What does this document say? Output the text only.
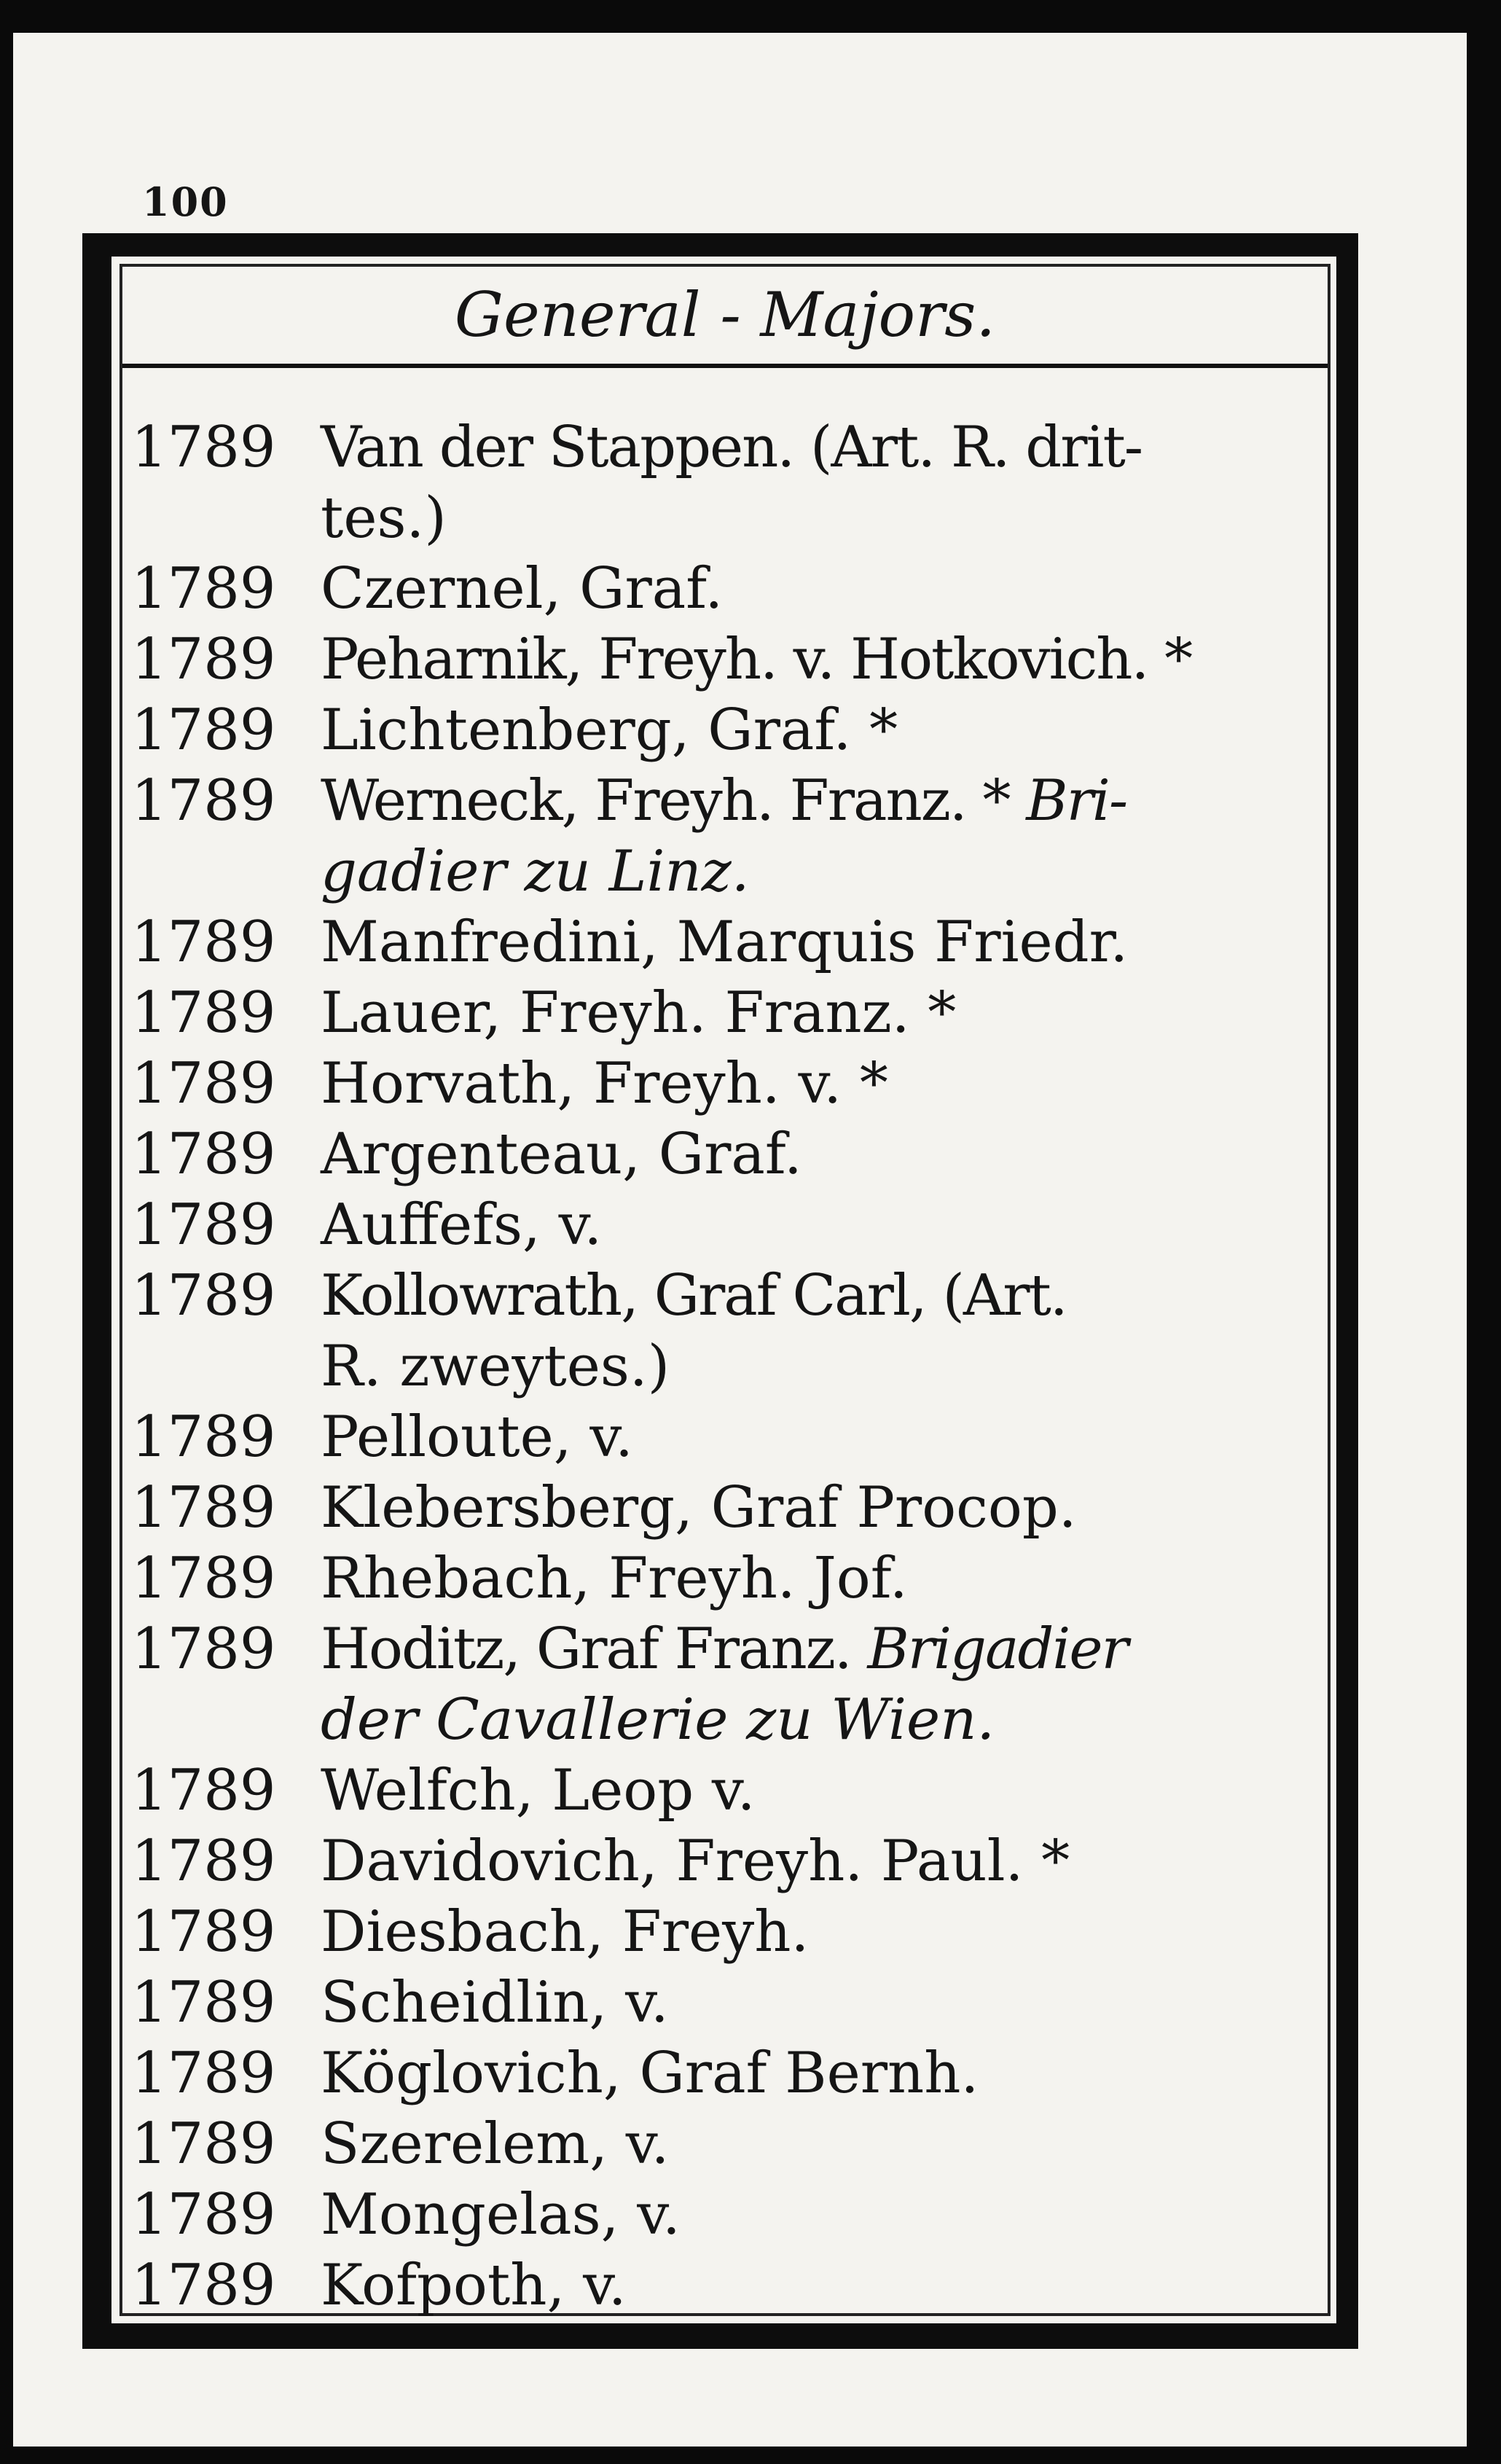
100
General - Majors.
1789 Van der Stappen. (Art. R. drit-
tes.)
1789 Czernel, Graf.
1789 Peharnik, Freyh. v. Hotkovich. *
1789 Lichtenberg, Graf. *
1789 Werneck, Freyh. Franz. * Bri-
gadier zu Linz.
1789 Manfredini, Marquis Friedr.
1789 Lauer, Freyh. Franz. *
1789 Horvath, Freyh. v. *
1789 Argenteau, Graf.
1789 Auffefs, v.
1789 Kollowrath, Graf Carl, (Art.
R. zweytes.)
1789 Pelloute, v.
1789 Klebersberg, Graf Procop.
1789 Rhebach, Freyh. Jof.
1789 Hoditz, Graf Franz. Brigadier
der Cavallerie zu Wien.
1789 Welfch, Leop v.
1789 Davidovich, Freyh. Paul. *
1789 Diesbach, Freyh.
1789 Scheidlin, v.
1789 Köglovich, Graf Bernh.
1789 Szerelem, v.
1789 Mongelas, v.
1789 Kofpoth, v.
